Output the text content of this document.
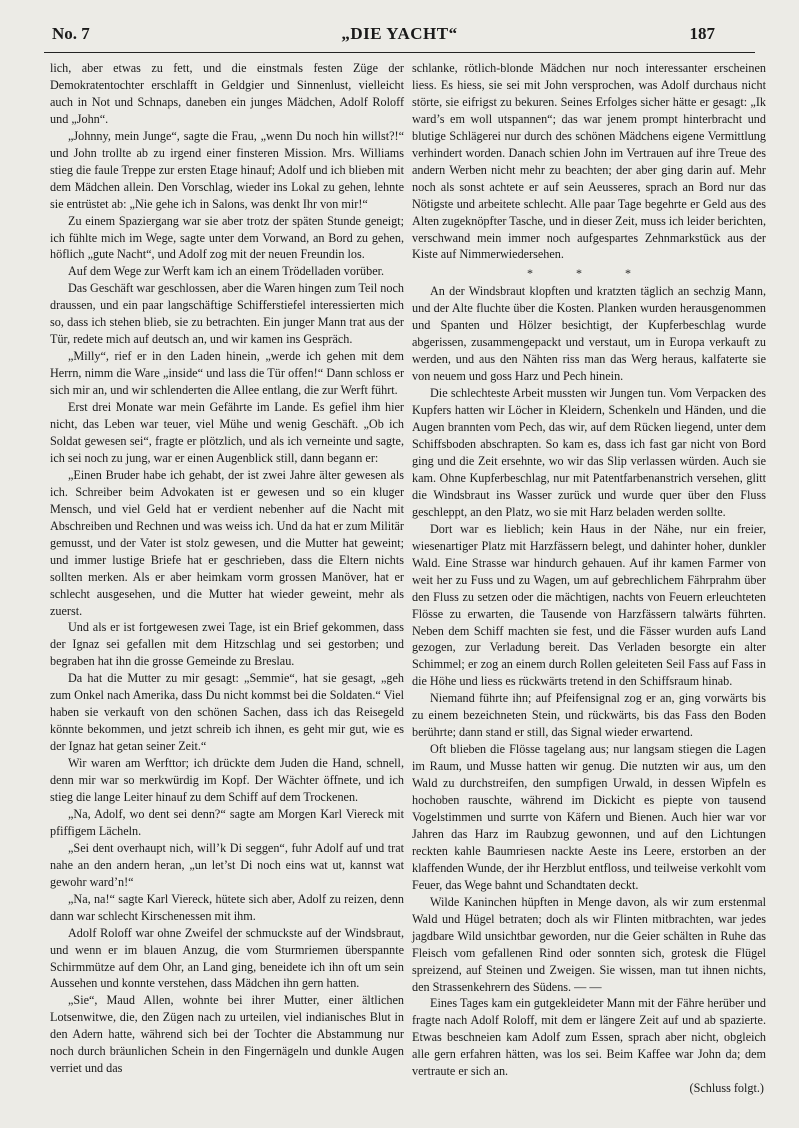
No. 7	„DIE YACHT“	187

lich, aber etwas zu fett, und die einstmals festen Züge der Demokratentochter erschlafft in Geldgier und Sinnenlust, vielleicht auch in Not und Schnaps, daneben ein junges Mädchen, Adolf Roloff und „John“.

„Johnny, mein Junge“, sagte die Frau, „wenn Du noch hin willst?!“ und John trollte ab zu irgend einer finsteren Mission. Mrs. Williams stieg die faule Treppe zur ersten Etage hinauf; Adolf und ich blieben mit dem Mädchen allein. Den Vorschlag, wieder ins Lokal zu gehen, lehnte sie entrüstet ab: „Nie gehe ich in Salons, was denkt Ihr von mir!“

Zu einem Spaziergang war sie aber trotz der späten Stunde geneigt; ich fühlte mich im Wege, sagte unter dem Vorwand, an Bord zu gehen, höflich „gute Nacht“, und Adolf zog mit der neuen Freundin los.

Auf dem Wege zur Werft kam ich an einem Trödelladen vorüber.

Das Geschäft war geschlossen, aber die Waren hingen zum Teil noch draussen, und ein paar langschäftige Schifferstiefel interessierten mich so, dass ich stehen blieb, sie zu betrachten. Ein junger Mann trat aus der Tür, redete mich auf deutsch an, und wir kamen ins Gespräch.

„Milly“, rief er in den Laden hinein, „werde ich gehen mit dem Herrn, nimm die Ware „inside“ und lass die Tür offen!“ Dann schloss er sich mir an, und wir schlenderten die Allee entlang, die zur Werft führt.

Erst drei Monate war mein Gefährte im Lande. Es gefiel ihm hier nicht, das Leben war teuer, viel Mühe und wenig Geschäft. „Ob ich Soldat gewesen sei“, fragte er plötzlich, und als ich verneinte und sagte, ich sei noch zu jung, war er einen Augenblick still, dann begann er:

„Einen Bruder habe ich gehabt, der ist zwei Jahre älter gewesen als ich. Schreiber beim Advokaten ist er gewesen und so ein kluger Mensch, und viel Geld hat er verdient nebenher auf die Nacht mit Abschreiben und Rechnen und was weiss ich. Und da hat er zum Militär gemusst, und der Vater ist stolz gewesen, und die Mutter hat geweint; und immer lustige Briefe hat er geschrieben, dass die Eltern nichts sollten merken. Als er aber heimkam vorm grossen Manöver, hat er schlecht ausgesehen, und die Mutter hat wieder geweint, mehr als zuerst.

Und als er ist fortgewesen zwei Tage, ist ein Brief gekommen, dass der Ignaz sei gefallen mit dem Hitzschlag und sei gestorben; und begraben hat ihn die grosse Gemeinde zu Breslau.

Da hat die Mutter zu mir gesagt: „Semmie“, hat sie gesagt, „geh zum Onkel nach Amerika, dass Du nicht kommst bei die Soldaten.“ Viel haben sie verkauft von den schönen Sachen, dass ich das Reisegeld könnte bekommen, und jetzt schreib ich ihnen, es geht mir gut, wie es der Ignaz hat getan seiner Zeit.“

Wir waren am Werfttor; ich drückte dem Juden die Hand, schnell, denn mir war so merkwürdig im Kopf. Der Wächter öffnete, und ich stieg die lange Leiter hinauf zu dem Schiff auf dem Trockenen.

„Na, Adolf, wo dent sei denn?“ sagte am Morgen Karl Viereck mit pfiffigem Lächeln.

„Sei dent overhaupt nich, will’k Di seggen“, fuhr Adolf auf und trat nahe an den andern heran, „un let’st Di noch eins wat ut, kannst wat gewohr ward’n!“

„Na, na!“ sagte Karl Viereck, hütete sich aber, Adolf zu reizen, denn dann war schlecht Kirschenessen mit ihm.

Adolf Roloff war ohne Zweifel der schmuckste auf der Windsbraut, und wenn er im blauen Anzug, die vom Sturmriemen überspannte Schirmmütze auf dem Ohr, an Land ging, beneidete ich ihn oft um sein Aussehen und konnte verstehen, dass Mädchen ihn gern hatten.

„Sie“, Maud Allen, wohnte bei ihrer Mutter, einer ältlichen Lotsenwitwe, die, den Zügen nach zu urteilen, viel indianisches Blut in den Adern hatte, während sich bei der Tochter die Abstammung nur noch durch bräunlichen Schein in den Fingernägeln und dunkle Augen verriet und das

schlanke, rötlich-blonde Mädchen nur noch interessanter erscheinen liess. Es hiess, sie sei mit John versprochen, was Adolf durchaus nicht störte, sie eifrigst zu bekuren. Seines Erfolges sicher hätte er gesagt: „Ik ward’s em woll utspannen“; das war jenem prompt hinterbracht und blutige Schlägerei nur durch des schönen Mädchens eigene Vermittlung verhindert worden. Danach schien John im Vertrauen auf ihre Treue des andern Werben nicht mehr zu beachten; der aber ging darin auf. Mehr noch als sonst achtete er auf sein Aeusseres, sprach an Bord nur das Nötigste und arbeitete schlecht. Alle paar Tage begehrte er Geld aus des Alten zugeknöpfter Tasche, und in dieser Zeit, muss ich leider berichten, verschwand mein immer noch aufgespartes Zehnmarkstück aus der Kiste auf Nimmerwiedersehen.

* * *

An der Windsbraut klopften und kratzten täglich an sechzig Mann, und der Alte fluchte über die Kosten. Planken wurden herausgenommen und Spanten und Hölzer besichtigt, der Kupferbeschlag wurde abgerissen, zusammengepackt und verstaut, um in Europa verkauft zu werden, und aus den Nähten riss man das Werg heraus, kalfaterte sie von neuem und goss Harz und Pech hinein.

Die schlechteste Arbeit mussten wir Jungen tun. Vom Verpacken des Kupfers hatten wir Löcher in Kleidern, Schenkeln und Händen, und die Augen brannten vom Pech, das wir, auf dem Rücken liegend, unter dem Schiffsboden abschrapten. So kam es, dass ich fast gar nicht von Bord ging und die Zeit ersehnte, wo wir das Slip verlassen würden. Auch sie kam. Ohne Kupferbeschlag, nur mit Patentfarbenanstrich versehen, glitt die Windsbraut ins Wasser zurück und wurde quer über den Fluss geschleppt, an den Platz, wo sie mit Harz beladen werden sollte.

Dort war es lieblich; kein Haus in der Nähe, nur ein freier, wiesenartiger Platz mit Harzfässern belegt, und dahinter hoher, dunkler Wald. Eine Strasse war hindurch gehauen. Auf ihr kamen Farmer von weit her zu Fuss und zu Wagen, um auf gebrechlichem Fährprahm über den Fluss zu setzen oder die mächtigen, nachts von Feuern erleuchteten Flösse zu erwarten, die Tausende von Harzfässern talwärts führten. Neben dem Schiff machten sie fest, und die Fässer wurden aufs Land gezogen, zur Verladung bereit. Das Verladen besorgte ein alter Schimmel; er zog an einem durch Rollen geleiteten Seil Fass auf Fass in die Höhe und liess es rückwärts tretend in den Schiffsraum hinab.

Niemand führte ihn; auf Pfeifensignal zog er an, ging vorwärts bis zu einem bezeichneten Stein, und rückwärts, bis das Fass den Boden berührte; dann stand er still, das Signal wieder erwartend.

Oft blieben die Flösse tagelang aus; nur langsam stiegen die Lagen im Raum, und Musse hatten wir genug. Die nutzten wir aus, um den Wald zu durchstreifen, den sumpfigen Urwald, in dessen Wipfeln es hochoben rauschte, während im Dickicht es piepte von tausend Vogelstimmen und surrte von Käfern und Bienen. Auch hier war vor Jahren das Harz im Raubzug gewonnen, und auf den Lichtungen reckten kahle Baumriesen nackte Aeste ins Leere, erstorben an der klaffenden Wunde, der ihr Herzblut entfloss, und teilweise verkohlt vom Feuer, das Wege bahnt und Schandtaten deckt.

Wilde Kaninchen hüpften in Menge davon, als wir zum erstenmal Wald und Hügel betraten; doch als wir Flinten mitbrachten, war jedes jagdbare Wild unsichtbar geworden, nur die Geier schälten in Ruhe das Fleisch vom gefallenen Rind oder sonnten sich, grotesk die Flügel spreizend, auf Steinen und Zweigen. Sie wissen, man tut ihnen nichts, den Strassenkehrern des Südens. — —

Eines Tages kam ein gutgekleideter Mann mit der Fähre herüber und fragte nach Adolf Roloff, mit dem er längere Zeit auf und ab spazierte. Etwas beschneien kam Adolf zum Essen, sprach aber nicht, obgleich alle gern erfahren hätten, was los sei. Beim Kaffee war John da; dem vertraute er sich an.

(Schluss folgt.)
